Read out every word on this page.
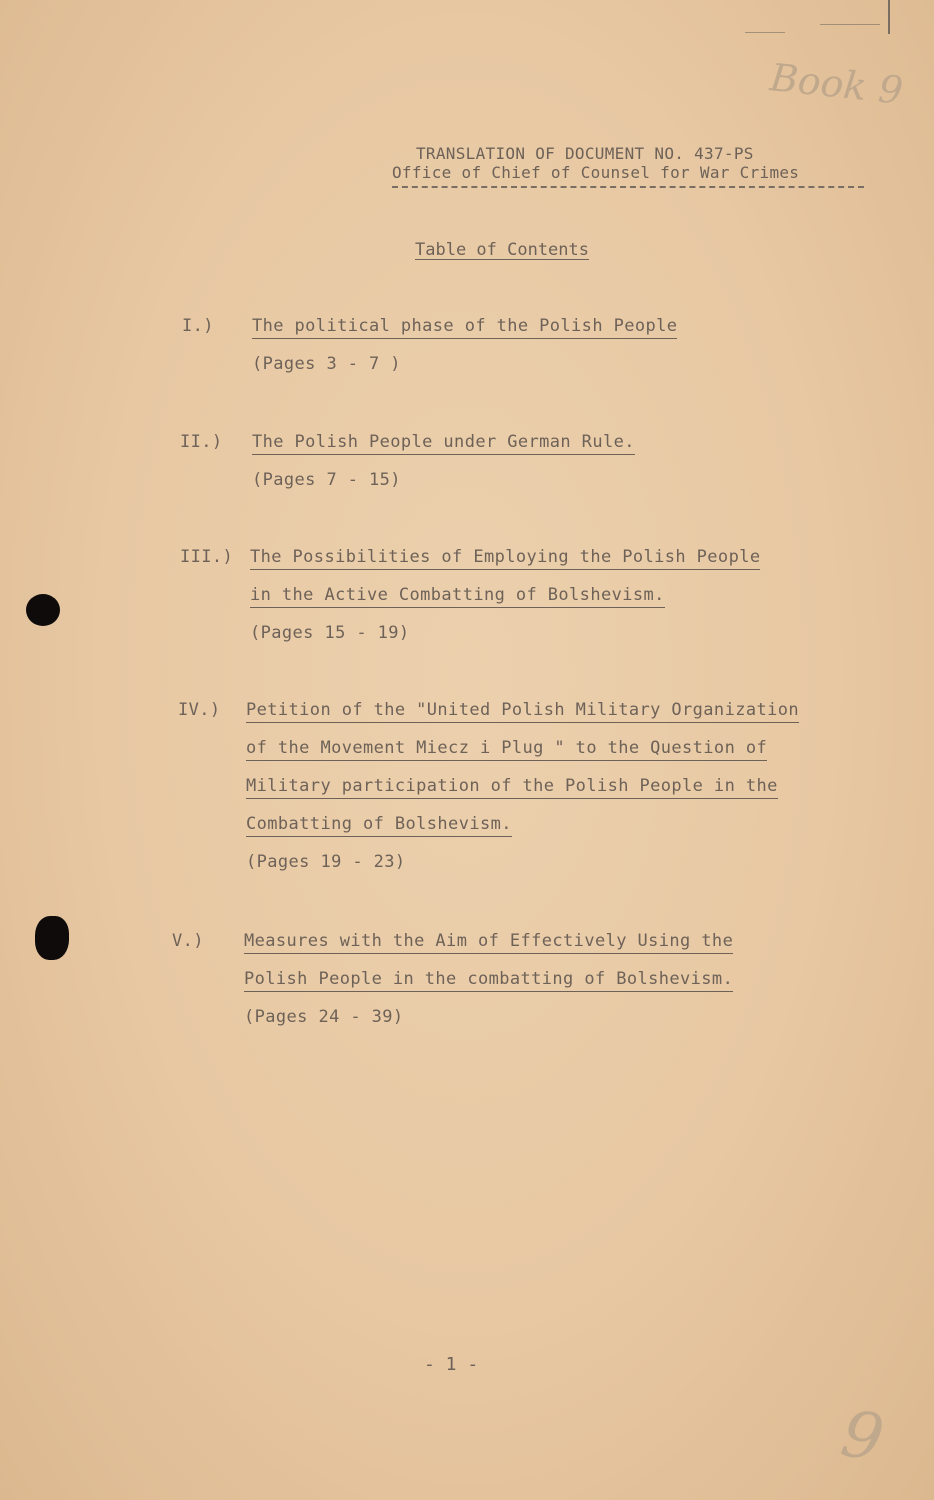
TRANSLATION OF DOCUMENT NO. 437-PS
Office of Chief of Counsel for War Crimes
Table of Contents
I.) The political phase of the Polish People
(Pages 3 - 7 )
II.) The Polish People under German Rule.
(Pages 7 - 15)
III.) The Possibilities of Employing the Polish People
in the Active Combatting of Bolshevism.
(Pages 15 - 19)
IV.) Petition of the "United Polish Military Organization
of the Movement Miecz i Plug " to the Question of
Military participation of the Polish People in the
Combatting of Bolshevism.
(Pages 19 - 23)
V.) Measures with the Aim of Effectively Using the
Polish People in the combatting of Bolshevism.
(Pages 24 - 39)
- 1 -
Book 9
9
